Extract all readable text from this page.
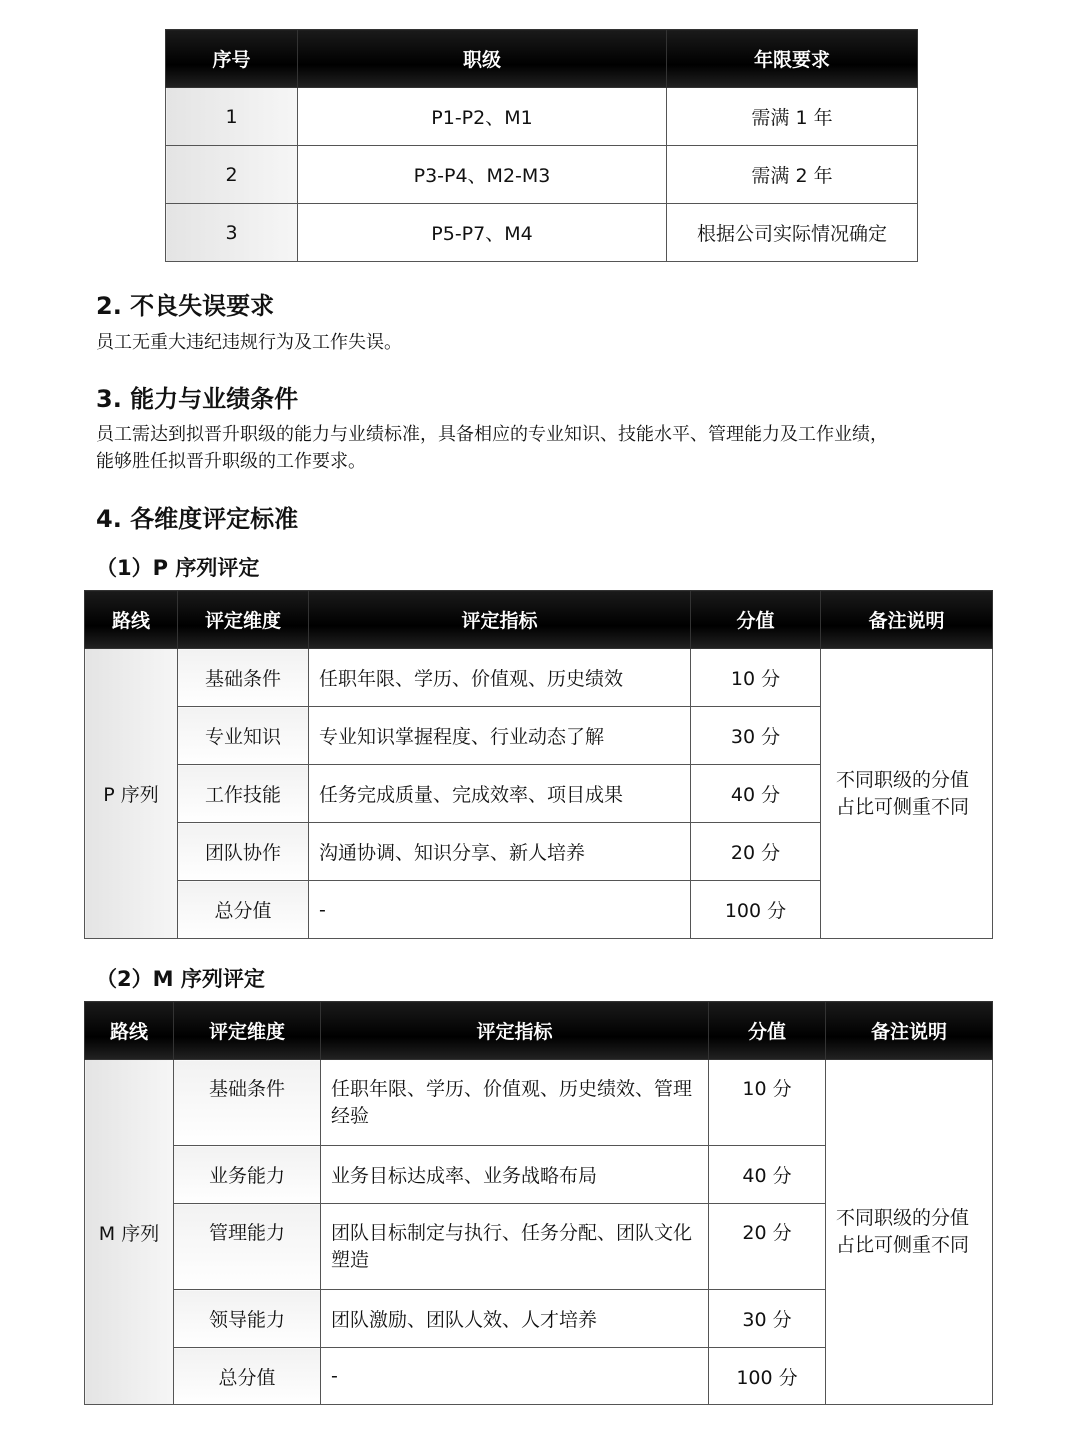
序号	职级	年限要求
1	P1-P2、M1	需满 1 年
2	P3-P4、M2-M3	需满 2 年
3	P5-P7、M4	根据公司实际情况确定
2. 不良失误要求

员工无重大违纪违规行为及工作失误。

3. 能力与业绩条件

员工需达到拟晋升职级的能力与业绩标准，具备相应的专业知识、技能水平、管理能力及工作业绩，

能够胜任拟晋升职级的工作要求。

4. 各维度评定标准
（1）P 序列评定
路线	评定维度	评定指标	分值	备注说明
P 序列	基础条件	任职年限、学历、价值观、历史绩效	10 分	不同职级的分值占比可侧重不同
	专业知识	专业知识掌握程度、行业动态了解	30 分	
	工作技能	任务完成质量、完成效率、项目成果	40 分	
	团队协作	沟通协调、知识分享、新人培养	20 分	
	总分值	-	100 分	
（2）M 序列评定
路线	评定维度	评定指标	分值	备注说明
M 序列	基础条件	任职年限、学历、价值观、历史绩效、管理经验	10 分	不同职级的分值占比可侧重不同
	业务能力	业务目标达成率、业务战略布局	40 分	
	管理能力	团队目标制定与执行、任务分配、团队文化塑造	20 分	
	领导能力	团队激励、团队人效、人才培养	30 分	
	总分值	-	100 分	
